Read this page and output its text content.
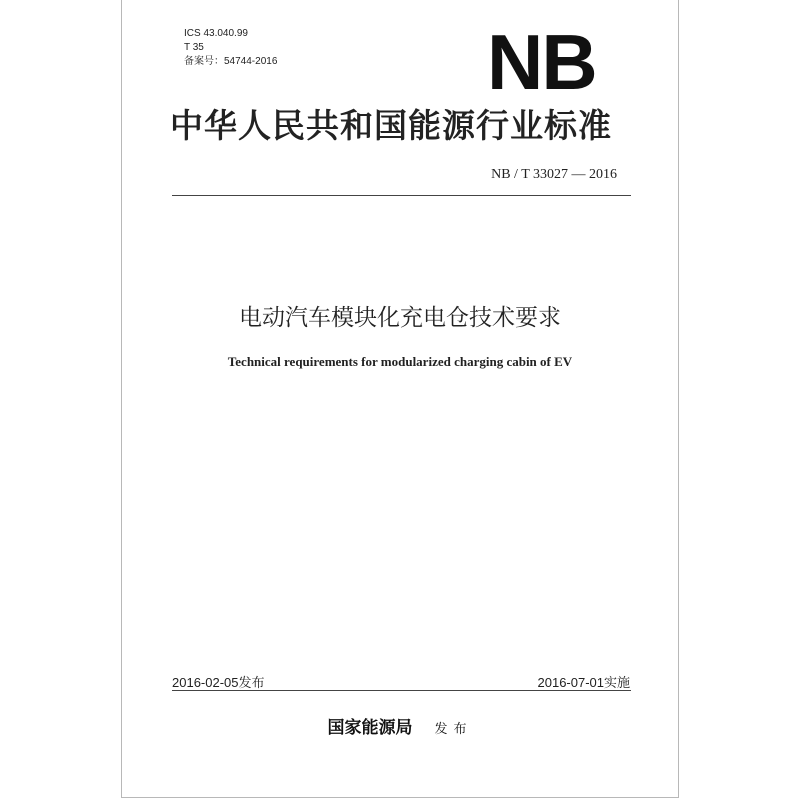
ICS 43.040.99
T 35
备案号：54744-2016	NB
中华人民共和国能源行业标准
NB / T 33027 — 2016
电动汽车模块化充电仓技术要求
Technical requirements for modularized charging cabin of EV
2016-02-05发布	2016-07-01实施
国家能源局 发布
